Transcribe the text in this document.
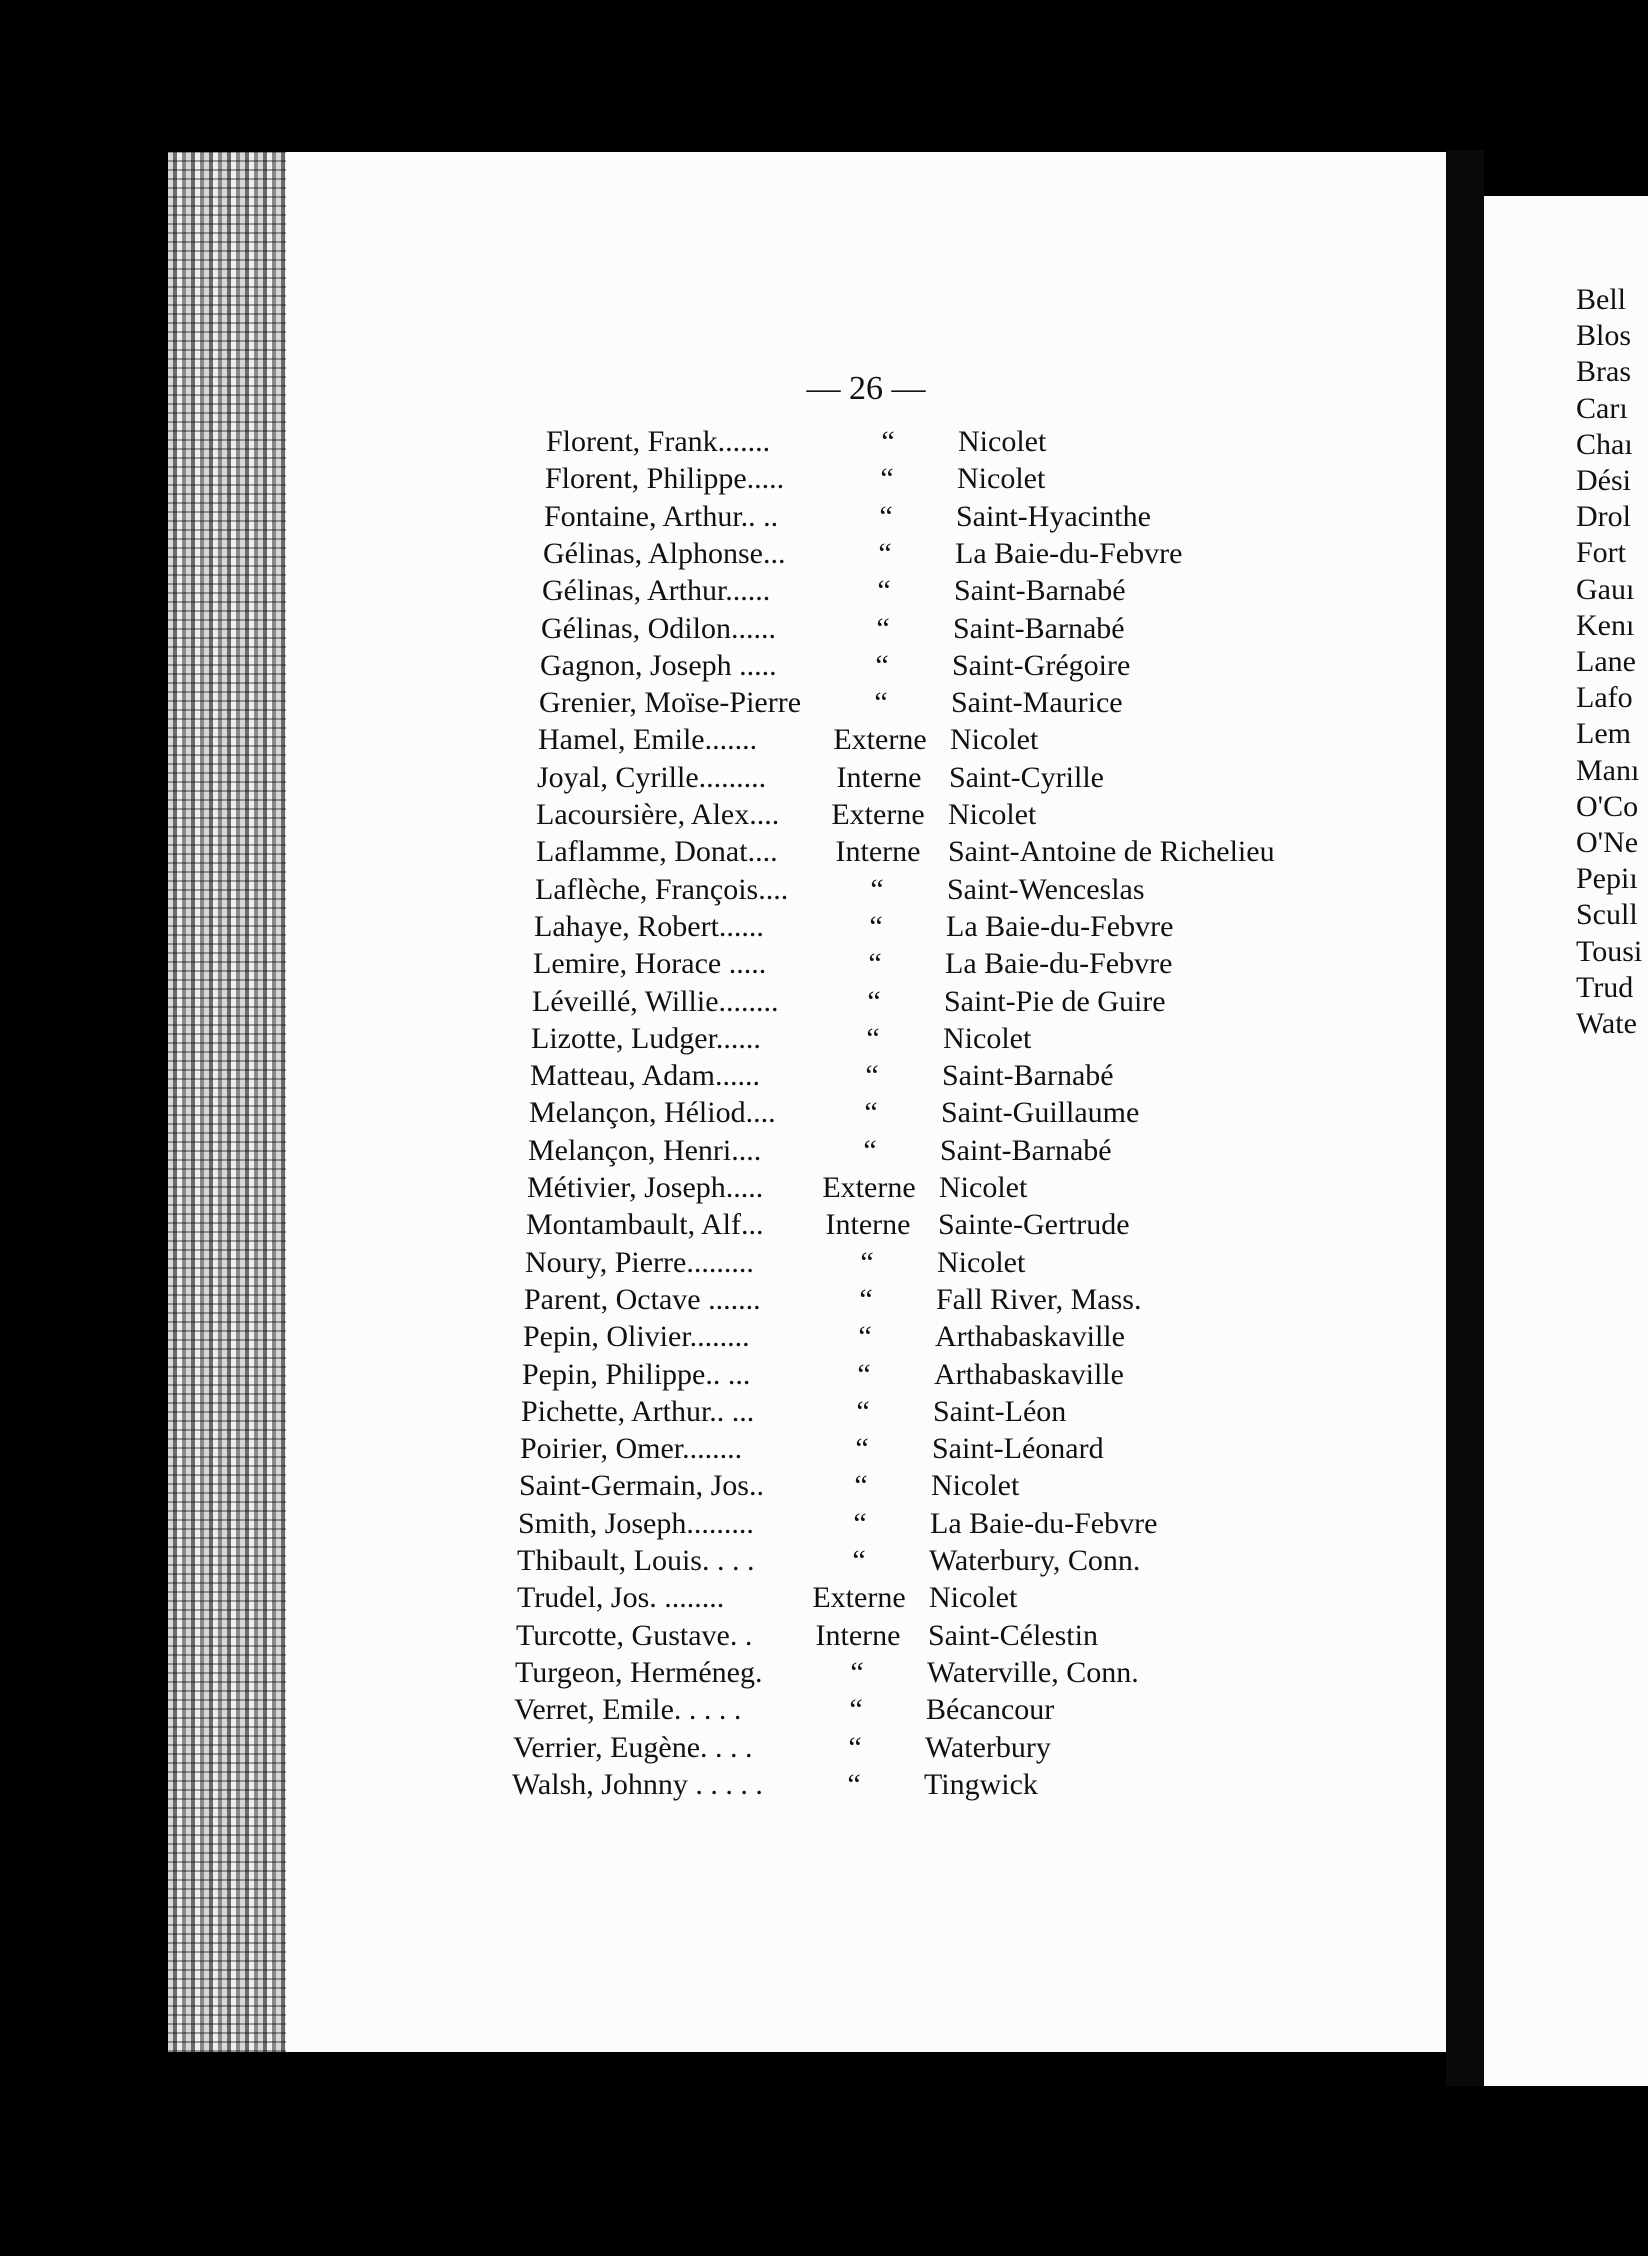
— 26 —
Florent, Frank.......	“	Nicolet
Florent, Philippe.....	“	Nicolet
Fontaine, Arthur.. ..	“	Saint-Hyacinthe
Gélinas, Alphonse...	“	La Baie-du-Febvre
Gélinas, Arthur......	“	Saint-Barnabé
Gélinas, Odilon......	“	Saint-Barnabé
Gagnon, Joseph .....	“	Saint-Grégoire
Grenier, Moïse-Pierre	“	Saint-Maurice
Hamel, Emile.......	Externe Nicolet
Joyal, Cyrille.........	Interne Saint-Cyrille
Lacoursière, Alex....	Externe Nicolet
Laflamme, Donat....	Interne Saint-Antoine de Richelieu
Laflèche, François....	“	Saint-Wenceslas
Lahaye, Robert......	“	La Baie-du-Febvre
Lemire, Horace .....	“	La Baie-du-Febvre
Léveillé, Willie........	“	Saint-Pie de Guire
Lizotte, Ludger......	“	Nicolet
Matteau, Adam......	“	Saint-Barnabé
Melançon, Héliod....	“	Saint-Guillaume
Melançon, Henri....	“	Saint-Barnabé
Métivier, Joseph.....	Externe Nicolet
Montambault, Alf...	Interne Sainte-Gertrude
Noury, Pierre.........	“	Nicolet
Parent, Octave .......	“	Fall River, Mass.
Pepin, Olivier........	“	Arthabaskaville
Pepin, Philippe.. ...	“	Arthabaskaville
Pichette, Arthur.. ...	“	Saint-Léon
Poirier, Omer........	“	Saint-Léonard
Saint-Germain, Jos..	“	Nicolet
Smith, Joseph.........	“	La Baie-du-Febvre
Thibault, Louis. . . .	“	Waterbury, Conn.
Trudel, Jos. ........	Externe Nicolet
Turcotte, Gustave. .	Interne Saint-Célestin
Turgeon, Herméneg.	“	Waterville, Conn.
Verret, Emile. . . . .	“	Bécancour
Verrier, Eugène. . . .	“	Waterbury
Walsh, Johnny . . . . .	“	Tingwick
Bell
Blos
Bras
Carı
Chaı
Dési
Drol
Fort
Gauı
Kenı
Lane
Lafo
Lem
Manı
O'Co
O'Ne
Pepiı
Scull
Tousi
Trud
Wate
